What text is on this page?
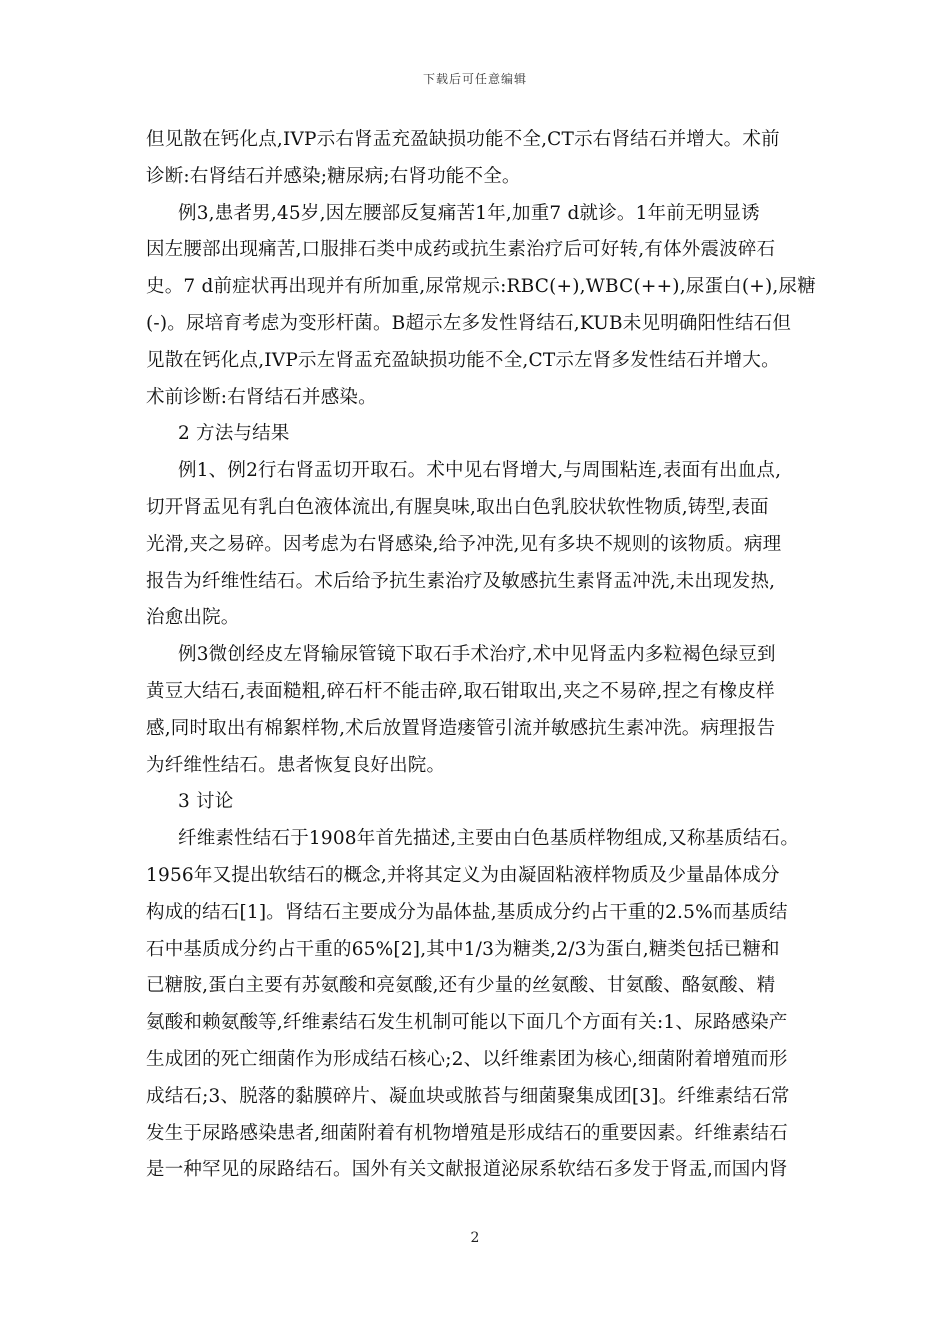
下载后可任意编辑
但见散在钙化点,IVP示右肾盂充盈缺损功能不全,CT示右肾结石并增大。术前
诊断:右肾结石并感染;糖尿病;右肾功能不全。
例3,患者男,45岁,因左腰部反复痛苦1年,加重7 d就诊。1年前无明显诱
因左腰部出现痛苦,口服排石类中成药或抗生素治疗后可好转,有体外震波碎石
史。7 d前症状再出现并有所加重,尿常规示:RBC(+),WBC(++),尿蛋白(+),尿糖
(-)。尿培育考虑为变形杆菌。B超示左多发性肾结石,KUB未见明确阳性结石但
见散在钙化点,IVP示左肾盂充盈缺损功能不全,CT示左肾多发性结石并增大。
术前诊断:右肾结石并感染。
2 方法与结果
例1、例2行右肾盂切开取石。术中见右肾增大,与周围粘连,表面有出血点,
切开肾盂见有乳白色液体流出,有腥臭味,取出白色乳胶状软性物质,铸型,表面
光滑,夹之易碎。因考虑为右肾感染,给予冲洗,见有多块不规则的该物质。病理
报告为纤维性结石。术后给予抗生素治疗及敏感抗生素肾盂冲洗,未出现发热,
治愈出院。
例3微创经皮左肾输尿管镜下取石手术治疗,术中见肾盂内多粒褐色绿豆到
黄豆大结石,表面糙粗,碎石杆不能击碎,取石钳取出,夹之不易碎,捏之有橡皮样
感,同时取出有棉絮样物,术后放置肾造瘘管引流并敏感抗生素冲洗。病理报告
为纤维性结石。患者恢复良好出院。
3 讨论
纤维素性结石于1908年首先描述,主要由白色基质样物组成,又称基质结石。
1956年又提出软结石的概念,并将其定义为由凝固粘液样物质及少量晶体成分
构成的结石[1]。肾结石主要成分为晶体盐,基质成分约占干重的2.5%而基质结
石中基质成分约占干重的65%[2],其中1/3为糖类,2/3为蛋白,糖类包括已糖和
已糖胺,蛋白主要有苏氨酸和亮氨酸,还有少量的丝氨酸、甘氨酸、酪氨酸、精
氨酸和赖氨酸等,纤维素结石发生机制可能以下面几个方面有关:1、尿路感染产
生成团的死亡细菌作为形成结石核心;2、以纤维素团为核心,细菌附着增殖而形
成结石;3、脱落的黏膜碎片、凝血块或脓苔与细菌聚集成团[3]。纤维素结石常
发生于尿路感染患者,细菌附着有机物增殖是形成结石的重要因素。纤维素结石
是一种罕见的尿路结石。国外有关文献报道泌尿系软结石多发于肾盂,而国内肾
2
